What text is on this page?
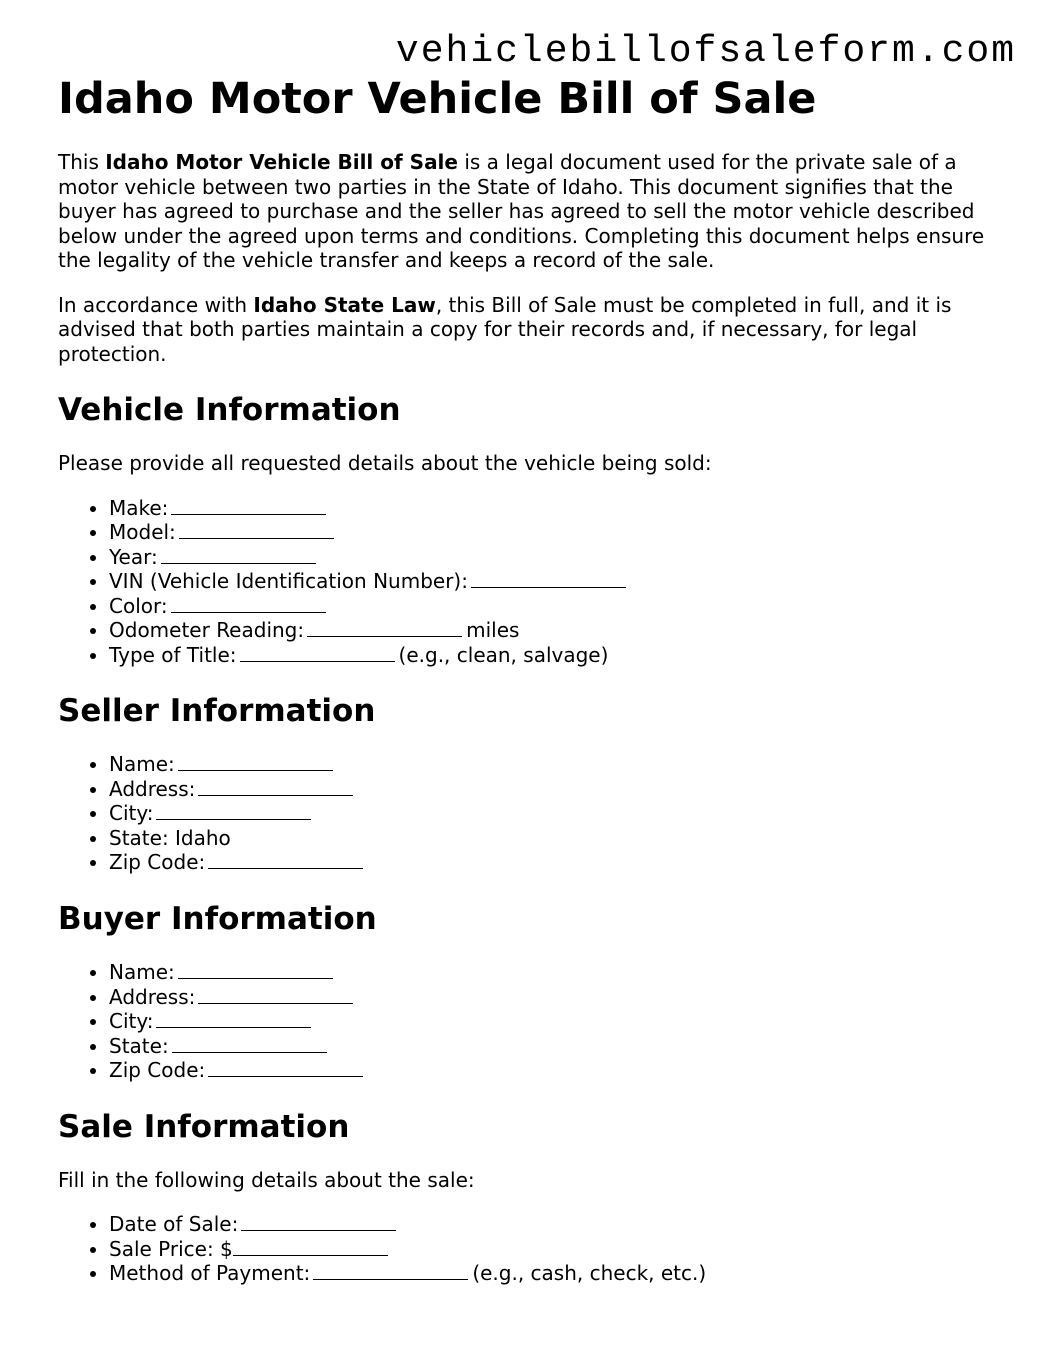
vehiclebillofsaleform.com
Idaho Motor Vehicle Bill of Sale

This Idaho Motor Vehicle Bill of Sale is a legal document used for the private sale of a motor vehicle between two parties in the State of Idaho. This document signifies that the buyer has agreed to purchase and the seller has agreed to sell the motor vehicle described below under the agreed upon terms and conditions. Completing this document helps ensure the legality of the vehicle transfer and keeps a record of the sale.

In accordance with Idaho State Law, this Bill of Sale must be completed in full, and it is advised that both parties maintain a copy for their records and, if necessary, for legal protection.

Vehicle Information

Please provide all requested details about the vehicle being sold:

• Make:
• Model:
• Year:
• VIN (Vehicle Identification Number):
• Color:
• Odometer Reading:	miles
• Type of Title:	(e.g., clean, salvage)
Seller Information
• Name:
• Address:
• City:
• State: Idaho
• Zip Code:
Buyer Information
• Name:
• Address:
• City:
• State:
• Zip Code:
Sale Information

Fill in the following details about the sale:

• Date of Sale:
• Sale Price: $
• Method of Payment:	(e.g., cash, check, etc.)
